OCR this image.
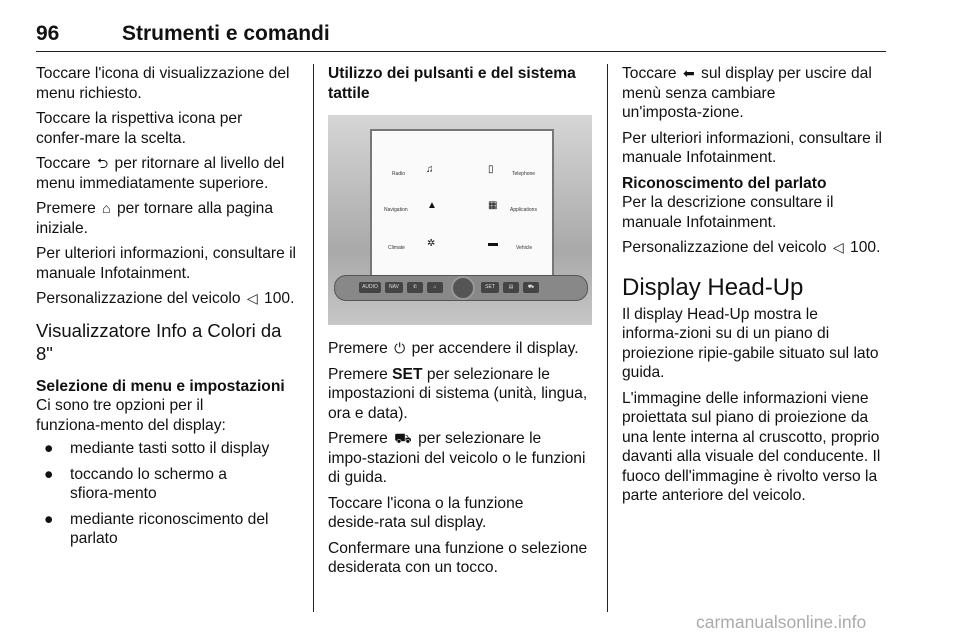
96	Strumenti e comandi

Toccare l'icona di visualizzazione del menu richiesto.

Toccare la rispettiva icona per confer‑mare la scelta.

Toccare ⮌ per ritornare al livello del menu immediatamente superiore.

Premere ⌂ per tornare alla pagina iniziale.

Per ulteriori informazioni, consultare il manuale Infotainment.

Personalizzazione del veicolo ◁ 100.

Visualizzatore Info a Colori da 8"

Selezione di menu e impostazioni

Ci sono tre opzioni per il funziona‑mento del display:

● mediante tasti sotto il display
● toccando lo schermo a sfiora‑mento
● mediante riconoscimento del parlato

Utilizzo dei pulsanti e del sistema tattile

Radio ♫	▯	Telephone
Navigation ▲	▦	Applications
Climate ✲	▬	Vehicle
AUDIO	NAV	✆	⌂	SET	▤	⛟

Premere ⏻ per accendere il display.

Premere SET per selezionare le impostazioni di sistema (unità, lingua, ora e data).

Premere ⛟ per selezionare le impo‑stazioni del veicolo o le funzioni di guida.

Toccare l'icona o la funzione deside‑rata sul display.

Confermare una funzione o selezione desiderata con un tocco.

Toccare ⬅ sul display per uscire dal menù senza cambiare un'imposta‑zione.

Per ulteriori informazioni, consultare il manuale Infotainment.

Riconoscimento del parlato

Per la descrizione consultare il manuale Infotainment.

Personalizzazione del veicolo ◁ 100.

Display Head-Up

Il display Head-Up mostra le informa‑zioni su di un piano di proiezione ripie‑gabile situato sul lato guida.

L'immagine delle informazioni viene proiettata sul piano di proiezione da una lente interna al cruscotto, proprio davanti alla visuale del conducente. Il fuoco dell'immagine è rivolto verso la parte anteriore del veicolo.

carmanualsonline.info
